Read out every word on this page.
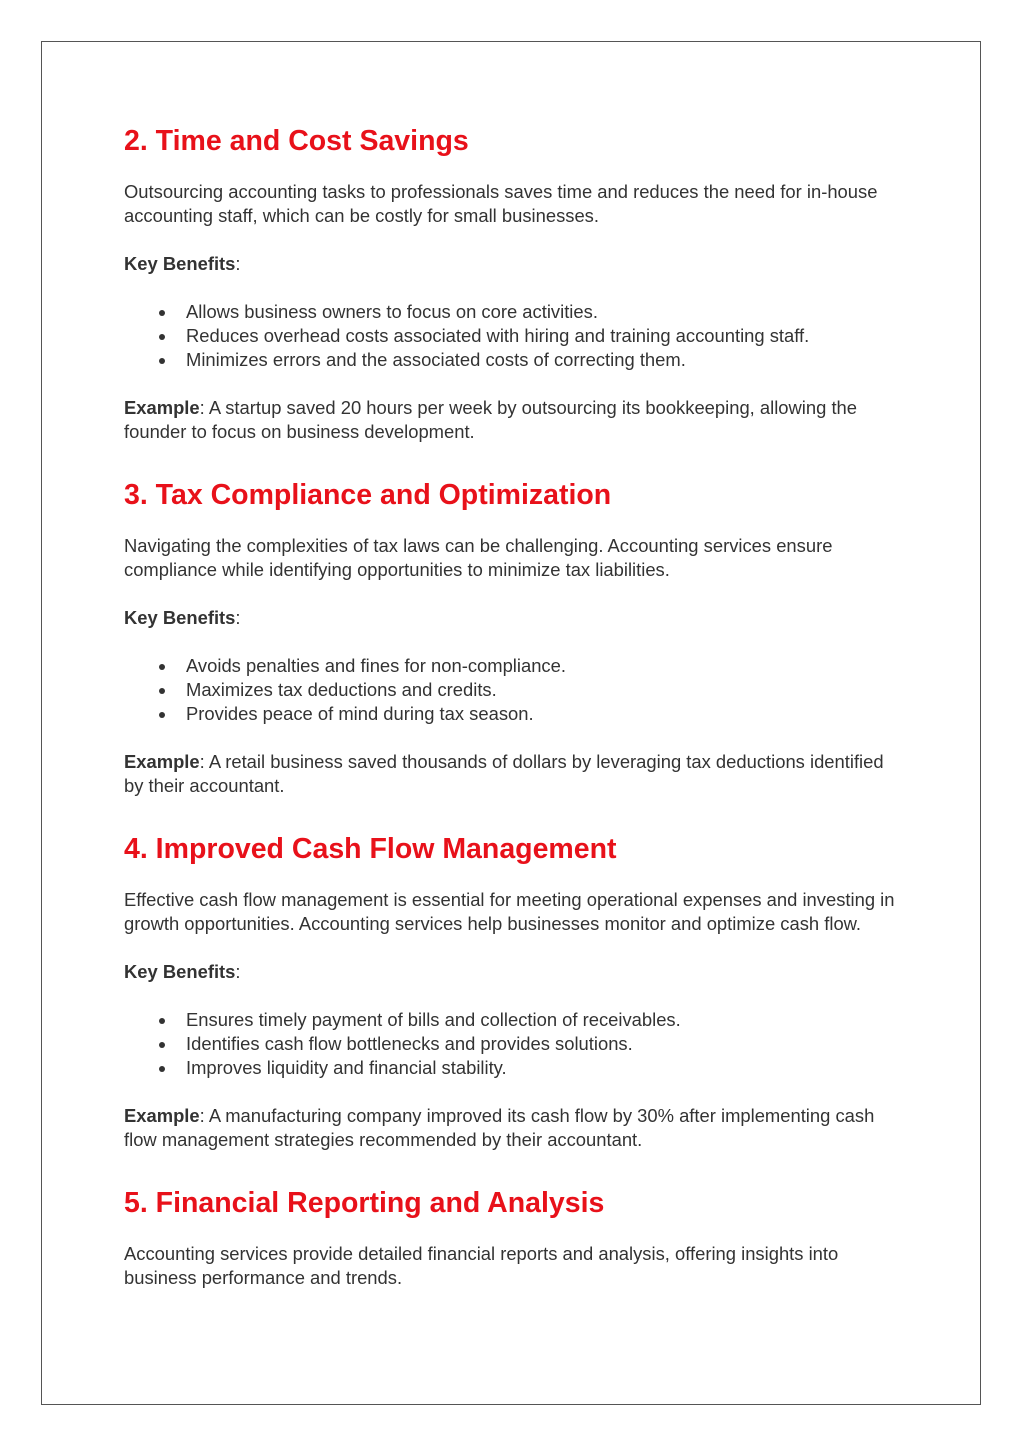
2. Time and Cost Savings

Outsourcing accounting tasks to professionals saves time and reduces the need for in-house accounting staff, which can be costly for small businesses.

Key Benefits:

Allows business owners to focus on core activities.
Reduces overhead costs associated with hiring and training accounting staff.
Minimizes errors and the associated costs of correcting them.

Example: A startup saved 20 hours per week by outsourcing its bookkeeping, allowing the founder to focus on business development.

3. Tax Compliance and Optimization

Navigating the complexities of tax laws can be challenging. Accounting services ensure compliance while identifying opportunities to minimize tax liabilities.

Key Benefits:

Avoids penalties and fines for non-compliance.
Maximizes tax deductions and credits.
Provides peace of mind during tax season.

Example: A retail business saved thousands of dollars by leveraging tax deductions identified by their accountant.

4. Improved Cash Flow Management

Effective cash flow management is essential for meeting operational expenses and investing in growth opportunities. Accounting services help businesses monitor and optimize cash flow.

Key Benefits:

Ensures timely payment of bills and collection of receivables.
Identifies cash flow bottlenecks and provides solutions.
Improves liquidity and financial stability.

Example: A manufacturing company improved its cash flow by 30% after implementing cash flow management strategies recommended by their accountant.

5. Financial Reporting and Analysis

Accounting services provide detailed financial reports and analysis, offering insights into business performance and trends.
